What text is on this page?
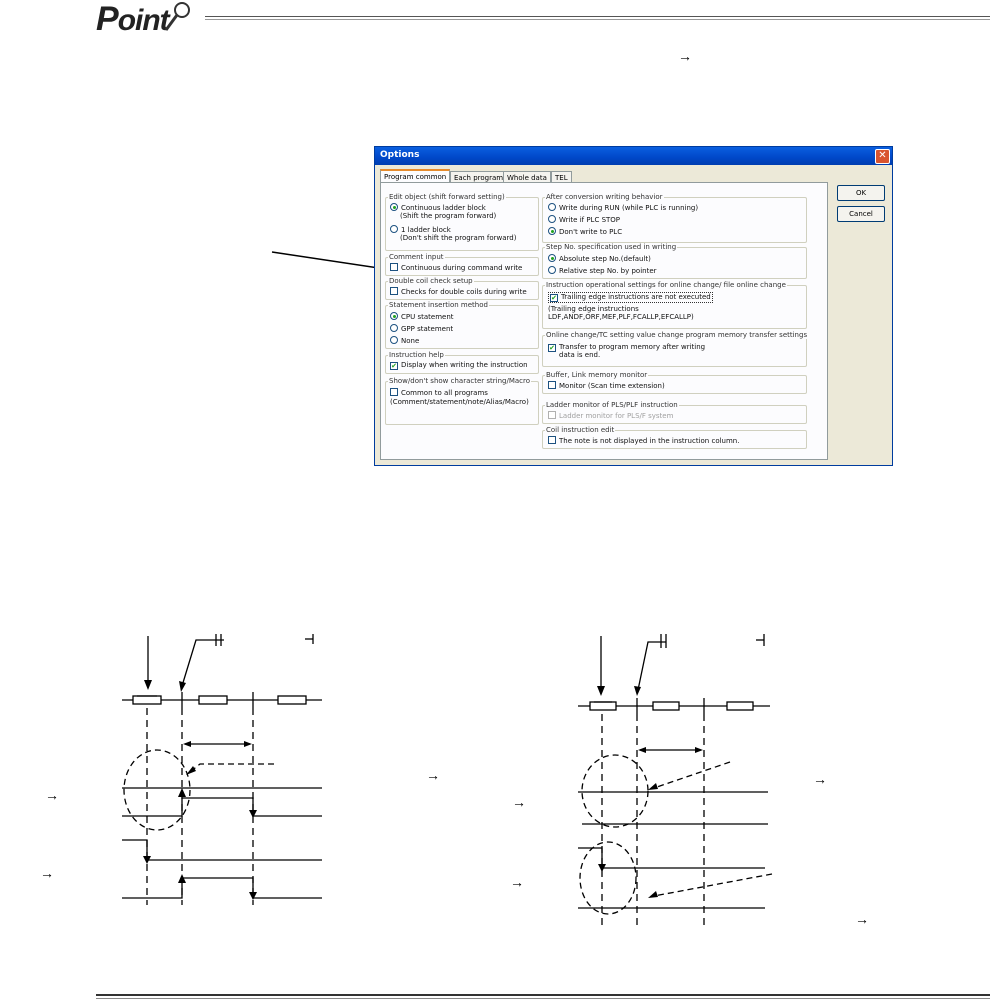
Point
→
Options	✕
Program common	Each program Whole data	TEL
OK
Cancel
Edit object (shift forward setting)
Continuous ladder block
(Shift the program forward)
1 ladder block
(Don't shift the program forward)
Comment input
Continuous during command write
Double coil check setup
Checks for double coils during write
Statement insertion method
CPU statement
GPP statement
None
Instruction help
✔ Display when writing the instruction
Show/don't show character string/Macro
Common to all programs
(Comment/statement/note/Alias/Macro)
After conversion writing behavior
Write during RUN (while PLC is running)
Write if PLC STOP
Don't write to PLC
Step No. specification used in writing
Absolute step No.(default)
Relative step No. by pointer
Instruction operational settings for online change/ file online change
✔ Trailing edge instructions are not executed
(Trailing edge instructions
LDF,ANDF,ORF,MEF,PLF,FCALLP,EFCALLP)
Online change/TC setting value change program memory transfer settings
✔ Transfer to program memory after writing
data is end.
Buffer, Link memory monitor
Monitor (Scan time extension)
Ladder monitor of PLS/PLF instruction
Ladder monitor for PLS/F system
Coil instruction edit
The note is not displayed in the instruction column.
→
→	→
→
→
→
→
